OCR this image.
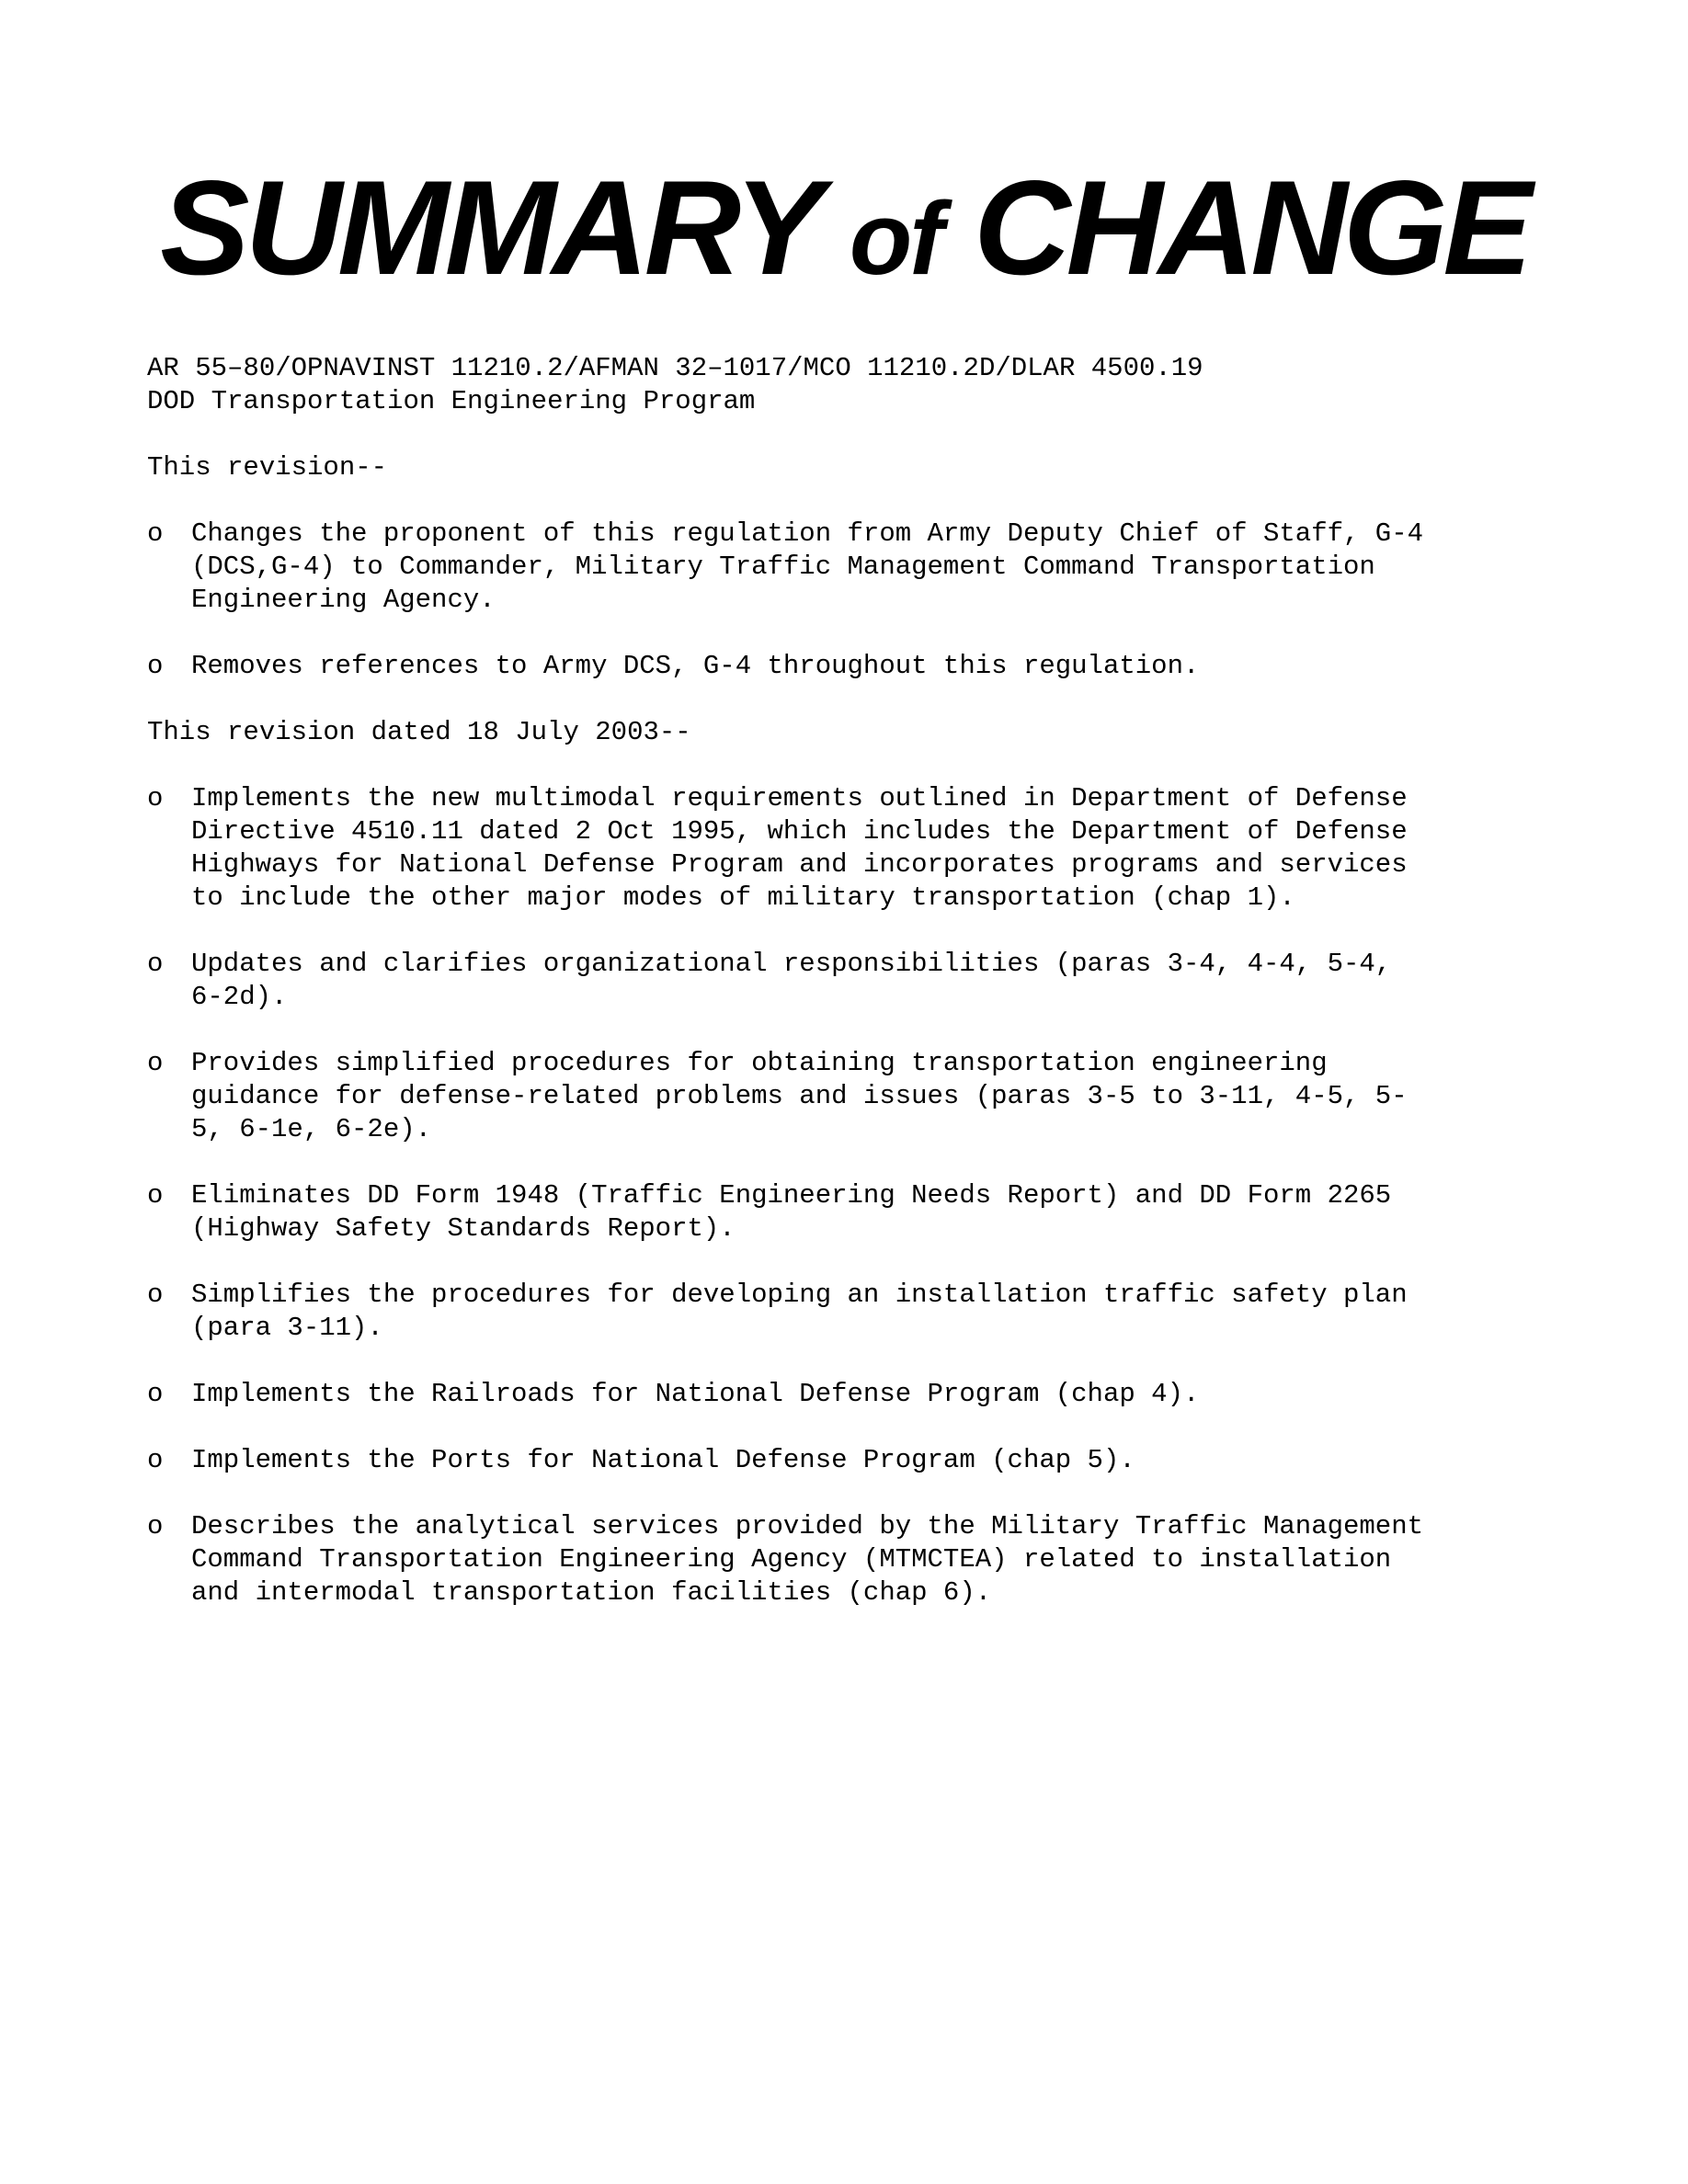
SUMMARY of CHANGE

AR 55–80/OPNAVINST 11210.2/AFMAN 32–1017/MCO 11210.2D/DLAR 4500.19

DOD Transportation Engineering Program

This revision--

o	Changes the proponent of this regulation from Army Deputy Chief of Staff, G-4
(DCS,G-4) to Commander, Military Traffic Management Command Transportation
Engineering Agency.
o	Removes references to Army DCS, G-4 throughout this regulation.

This revision dated 18 July 2003--

o	Implements the new multimodal requirements outlined in Department of Defense
Directive 4510.11 dated 2 Oct 1995, which includes the Department of Defense
Highways for National Defense Program and incorporates programs and services
to include the other major modes of military transportation (chap 1).
o	Updates and clarifies organizational responsibilities (paras 3-4, 4-4, 5-4,
6-2d).
o	Provides simplified procedures for obtaining transportation engineering
guidance for defense-related problems and issues (paras 3-5 to 3-11, 4-5, 5-
5, 6-1e, 6-2e).
o	Eliminates DD Form 1948 (Traffic Engineering Needs Report) and DD Form 2265
(Highway Safety Standards Report).
o	Simplifies the procedures for developing an installation traffic safety plan
(para 3-11).
o	Implements the Railroads for National Defense Program (chap 4).
o	Implements the Ports for National Defense Program (chap 5).
o	Describes the analytical services provided by the Military Traffic Management
Command Transportation Engineering Agency (MTMCTEA) related to installation
and intermodal transportation facilities (chap 6).
